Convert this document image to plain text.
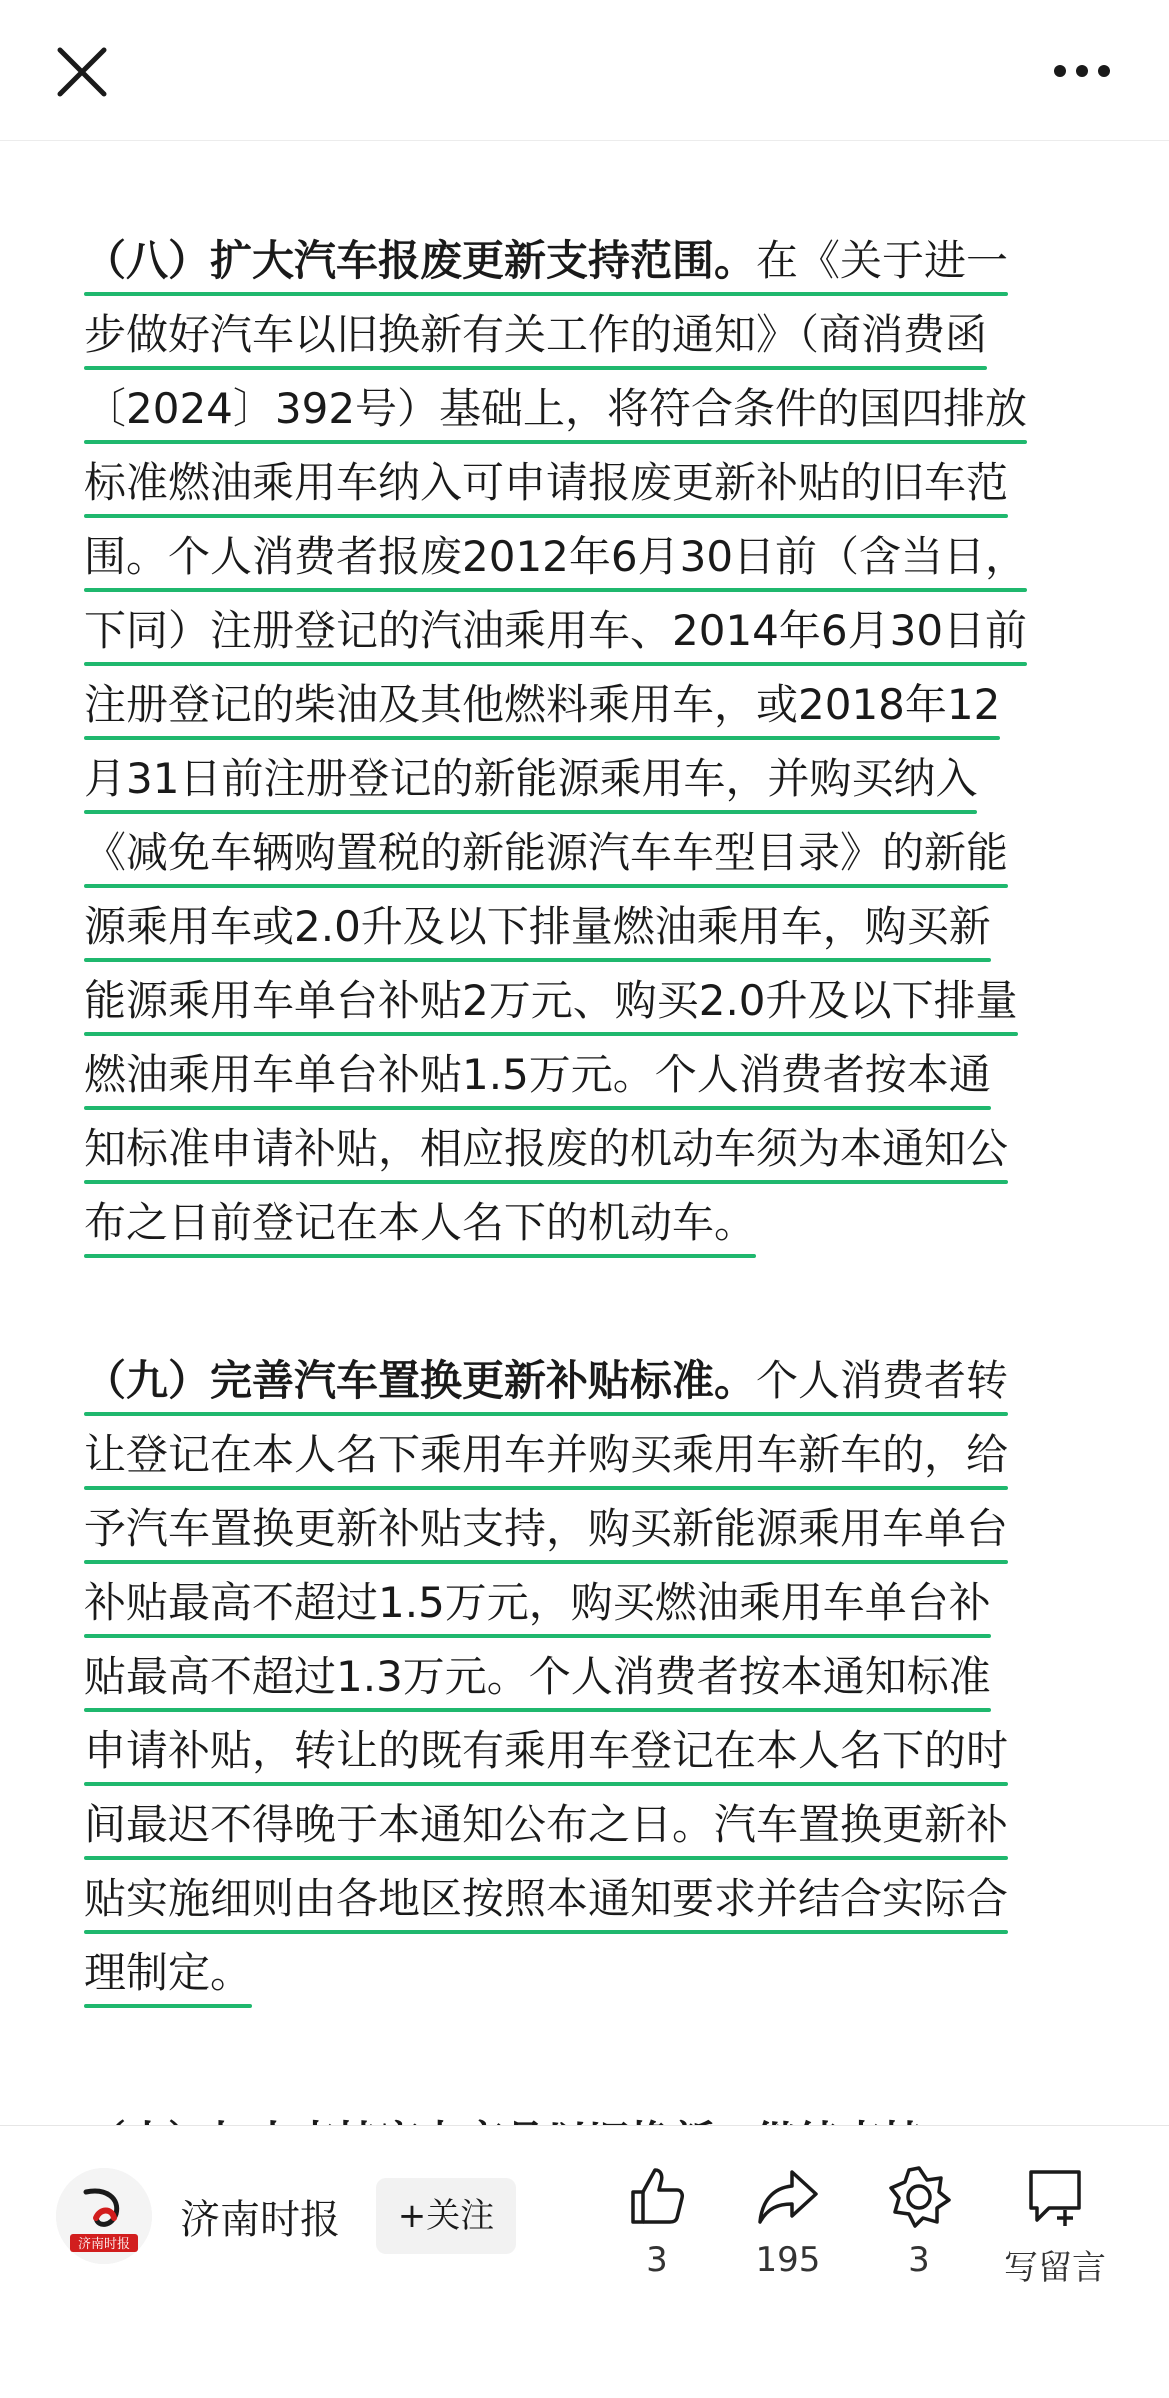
（八）扩大汽车报废更新支持范围。在《关于进一
步做好汽车以旧换新有关工作的通知》（商消费函
〔2024〕392号）基础上，将符合条件的国四排放
标准燃油乘用车纳入可申请报废更新补贴的旧车范
围。个人消费者报废2012年6月30日前（含当日，
下同）注册登记的汽油乘用车、2014年6月30日前
注册登记的柴油及其他燃料乘用车，或2018年12
月31日前注册登记的新能源乘用车，并购买纳入
《减免车辆购置税的新能源汽车车型目录》的新能
源乘用车或2.0升及以下排量燃油乘用车，购买新
能源乘用车单台补贴2万元、购买2.0升及以下排量
燃油乘用车单台补贴1.5万元。个人消费者按本通
知标准申请补贴，相应报废的机动车须为本通知公
布之日前登记在本人名下的机动车。
（九）完善汽车置换更新补贴标准。个人消费者转
让登记在本人名下乘用车并购买乘用车新车的，给
予汽车置换更新补贴支持，购买新能源乘用车单台
补贴最高不超过1.5万元，购买燃油乘用车单台补
贴最高不超过1.3万元。个人消费者按本通知标准
申请补贴，转让的既有乘用车登记在本人名下的时
间最迟不得晚于本通知公布之日。汽车置换更新补
贴实施细则由各地区按照本通知要求并结合实际合
理制定。
济南时报
济南时报	+关注
3	195	3	写留言
